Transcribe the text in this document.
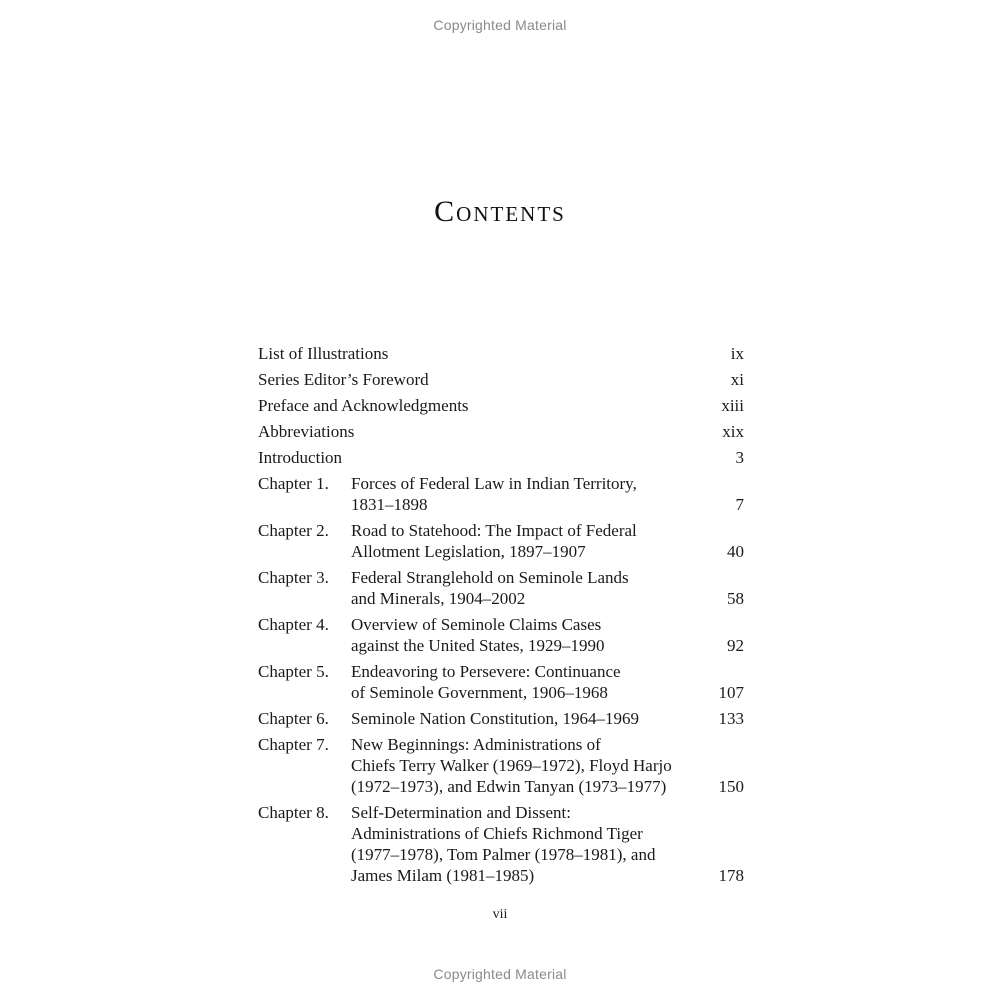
Copyrighted Material
Contents
List of Illustrations	ix
Series Editor’s Foreword	xi
Preface and Acknowledgments	xiii
Abbreviations	xix
Introduction	3
Chapter 1.	Forces of Federal Law in Indian Territory,
1831–1898	7
Chapter 2.	Road to Statehood: The Impact of Federal
Allotment Legislation, 1897–1907	40
Chapter 3.	Federal Stranglehold on Seminole Lands
and Minerals, 1904–2002	58
Chapter 4.	Overview of Seminole Claims Cases
against the United States, 1929–1990	92
Chapter 5.	Endeavoring to Persevere: Continuance
of Seminole Government, 1906–1968	107
Chapter 6.	Seminole Nation Constitution, 1964–1969	133
Chapter 7.	New Beginnings: Administrations of
Chiefs Terry Walker (1969–1972), Floyd Harjo
(1972–1973), and Edwin Tanyan (1973–1977)	150
Chapter 8.	Self-Determination and Dissent:
Administrations of Chiefs Richmond Tiger
(1977–1978), Tom Palmer (1978–1981), and
James Milam (1981–1985)	178
vii
Copyrighted Material
